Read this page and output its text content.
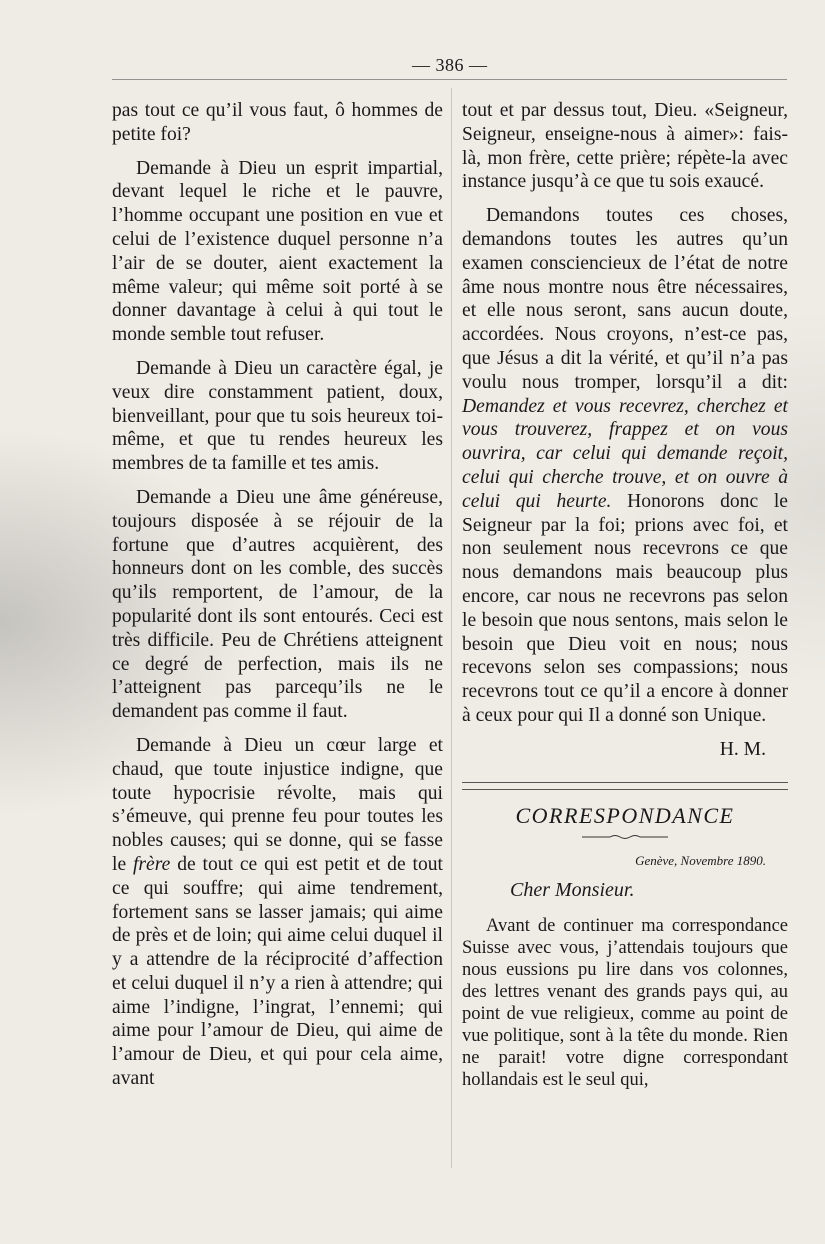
— 386 —

pas tout ce qu’il vous faut, ô hommes de petite foi?

Demande à Dieu un esprit impartial, devant lequel le riche et le pauvre, l’homme occupant une position en vue et celui de l’existence duquel personne n’a l’air de se douter, aient exactement la même valeur; qui même soit porté à se donner davantage à celui à qui tout le monde semble tout refuser.

Demande à Dieu un caractère égal, je veux dire constamment patient, doux, bienveillant, pour que tu sois heureux toi-même, et que tu rendes heureux les membres de ta famille et tes amis.

Demande a Dieu une âme généreuse, toujours disposée à se réjouir de la fortune que d’autres acquièrent, des honneurs dont on les comble, des succès qu’ils remportent, de l’amour, de la popularité dont ils sont entourés. Ceci est très difficile. Peu de Chrétiens atteignent ce degré de perfection, mais ils ne l’atteignent pas parcequ’ils ne le demandent pas comme il faut.

Demande à Dieu un cœur large et chaud, que toute injustice indigne, que toute hypocrisie révolte, mais qui s’émeuve, qui prenne feu pour toutes les nobles causes; qui se donne, qui se fasse le frère de tout ce qui est petit et de tout ce qui souffre; qui aime tendrement, fortement sans se lasser jamais; qui aime de près et de loin; qui aime celui duquel il y a attendre de la réciprocité d’affection et celui duquel il n’y a rien à attendre; qui aime l’indigne, l’ingrat, l’ennemi; qui aime pour l’amour de Dieu, qui aime de l’amour de Dieu, et qui pour cela aime, avant

tout et par dessus tout, Dieu. «Seigneur, Seigneur, enseigne-nous à aimer»: fais-là, mon frère, cette prière; répète-la avec instance jusqu’à ce que tu sois exaucé.

Demandons toutes ces choses, demandons toutes les autres qu’un examen consciencieux de l’état de notre âme nous montre nous être nécessaires, et elle nous seront, sans aucun doute, accordées. Nous croyons, n’est-ce pas, que Jésus a dit la vérité, et qu’il n’a pas voulu nous tromper, lorsqu’il a dit: Demandez et vous recevrez, cherchez et vous trouverez, frappez et on vous ouvrira, car celui qui demande reçoit, celui qui cherche trouve, et on ouvre à celui qui heurte. Honorons donc le Seigneur par la foi; prions avec foi, et non seulement nous recevrons ce que nous demandons mais beaucoup plus encore, car nous ne recevrons pas selon le besoin que nous sentons, mais selon le besoin que Dieu voit en nous; nous recevons selon ses compassions; nous recevrons tout ce qu’il a encore à donner à ceux pour qui Il a donné son Unique.

H. M.
CORRESPONDANCE
Genève, Novembre 1890.
Cher Monsieur.

Avant de continuer ma correspondance Suisse avec vous, j’attendais toujours que nous eussions pu lire dans vos colonnes, des lettres venant des grands pays qui, au point de vue religieux, comme au point de vue politique, sont à la tête du monde. Rien ne parait! votre digne correspondant hollandais est le seul qui,
